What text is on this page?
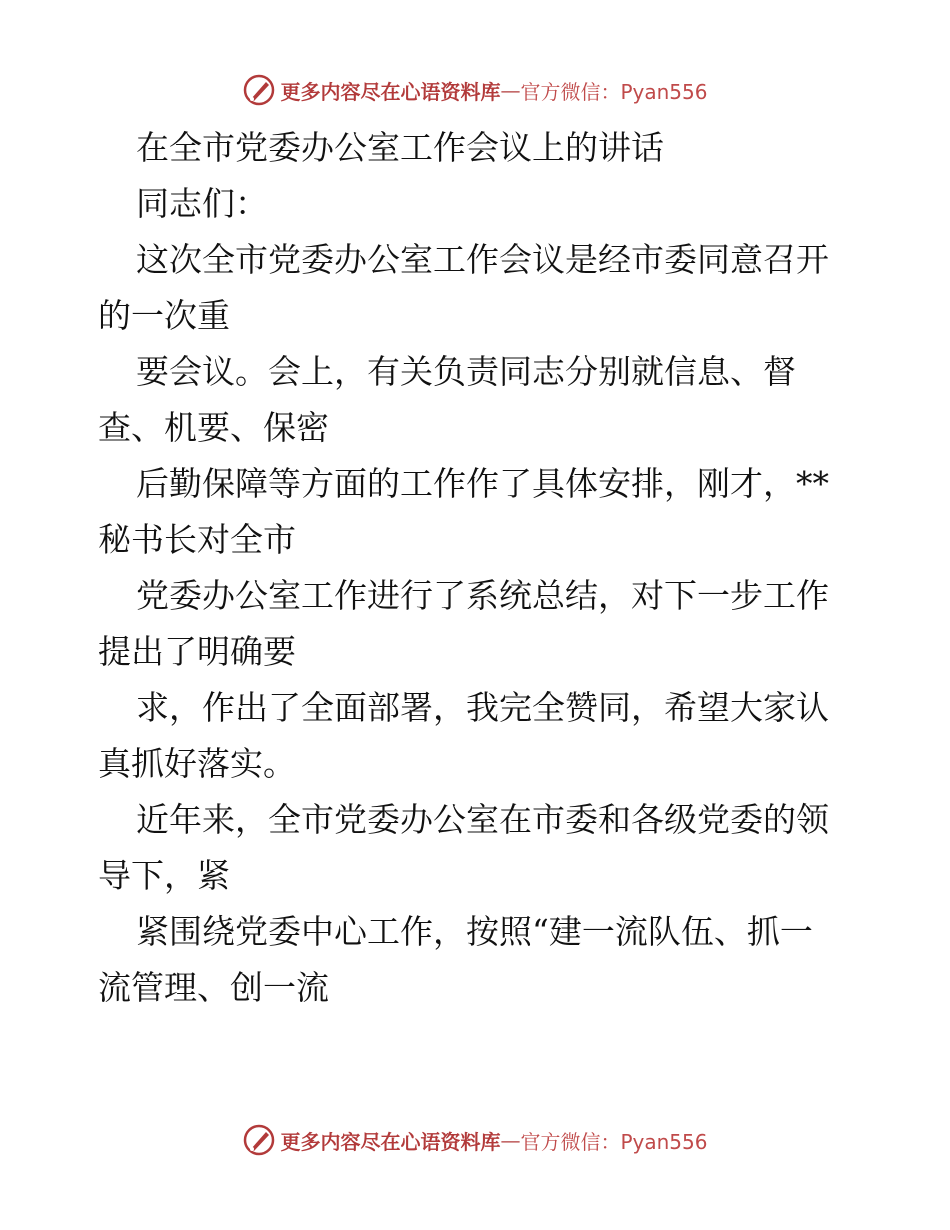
更多内容尽在心语资料库 — 官方微信：Pyan556
在全市党委办公室工作会议上的讲话
同志们：
这次全市党委办公室工作会议是经市委同意召开
的一次重
要会议。会上，有关负责同志分别就信息、督
查、机要、保密
后勤保障等方面的工作作了具体安排，刚才，**
秘书长对全市
党委办公室工作进行了系统总结，对下一步工作
提出了明确要
求，作出了全面部署，我完全赞同，希望大家认
真抓好落实。
近年来，全市党委办公室在市委和各级党委的领
导下，紧
紧围绕党委中心工作，按照“建一流队伍、抓一
流管理、创一流
更多内容尽在心语资料库 — 官方微信：Pyan556
